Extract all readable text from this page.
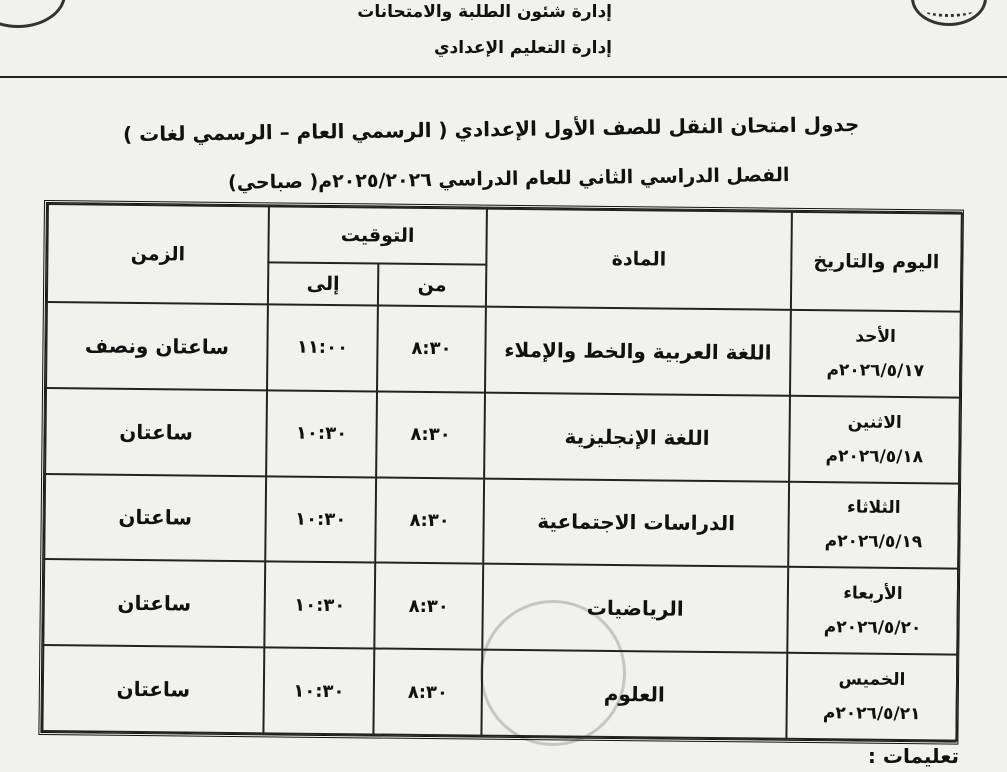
إدارة شئون الطلبة والامتحانات
إدارة التعليم الإعدادي
جدول امتحان النقل للصف الأول الإعدادي ( الرسمي العام – الرسمي لغات )
الفصل الدراسي الثاني للعام الدراسي ٢٠٢٥/٢٠٢٦م( صباحي)
اليوم والتاريخ	المادة	التوقيت		الزمن
		من	إلى	

الأحد
٢٠٢٦/٥/١٧م	اللغة العربية والخط والإملاء	٨:٣٠	١١:٠٠	ساعتان ونصف

الاثنين
٢٠٢٦/٥/١٨م	اللغة الإنجليزية	٨:٣٠	١٠:٣٠	ساعتان

الثلاثاء
٢٠٢٦/٥/١٩م	الدراسات الاجتماعية	٨:٣٠	١٠:٣٠	ساعتان

الأربعاء
٢٠٢٦/٥/٢٠م	الرياضيات	٨:٣٠	١٠:٣٠	ساعتان

الخميس
٢٠٢٦/٥/٢١م	العلوم	٨:٣٠	١٠:٣٠	ساعتان
تعليمات :
